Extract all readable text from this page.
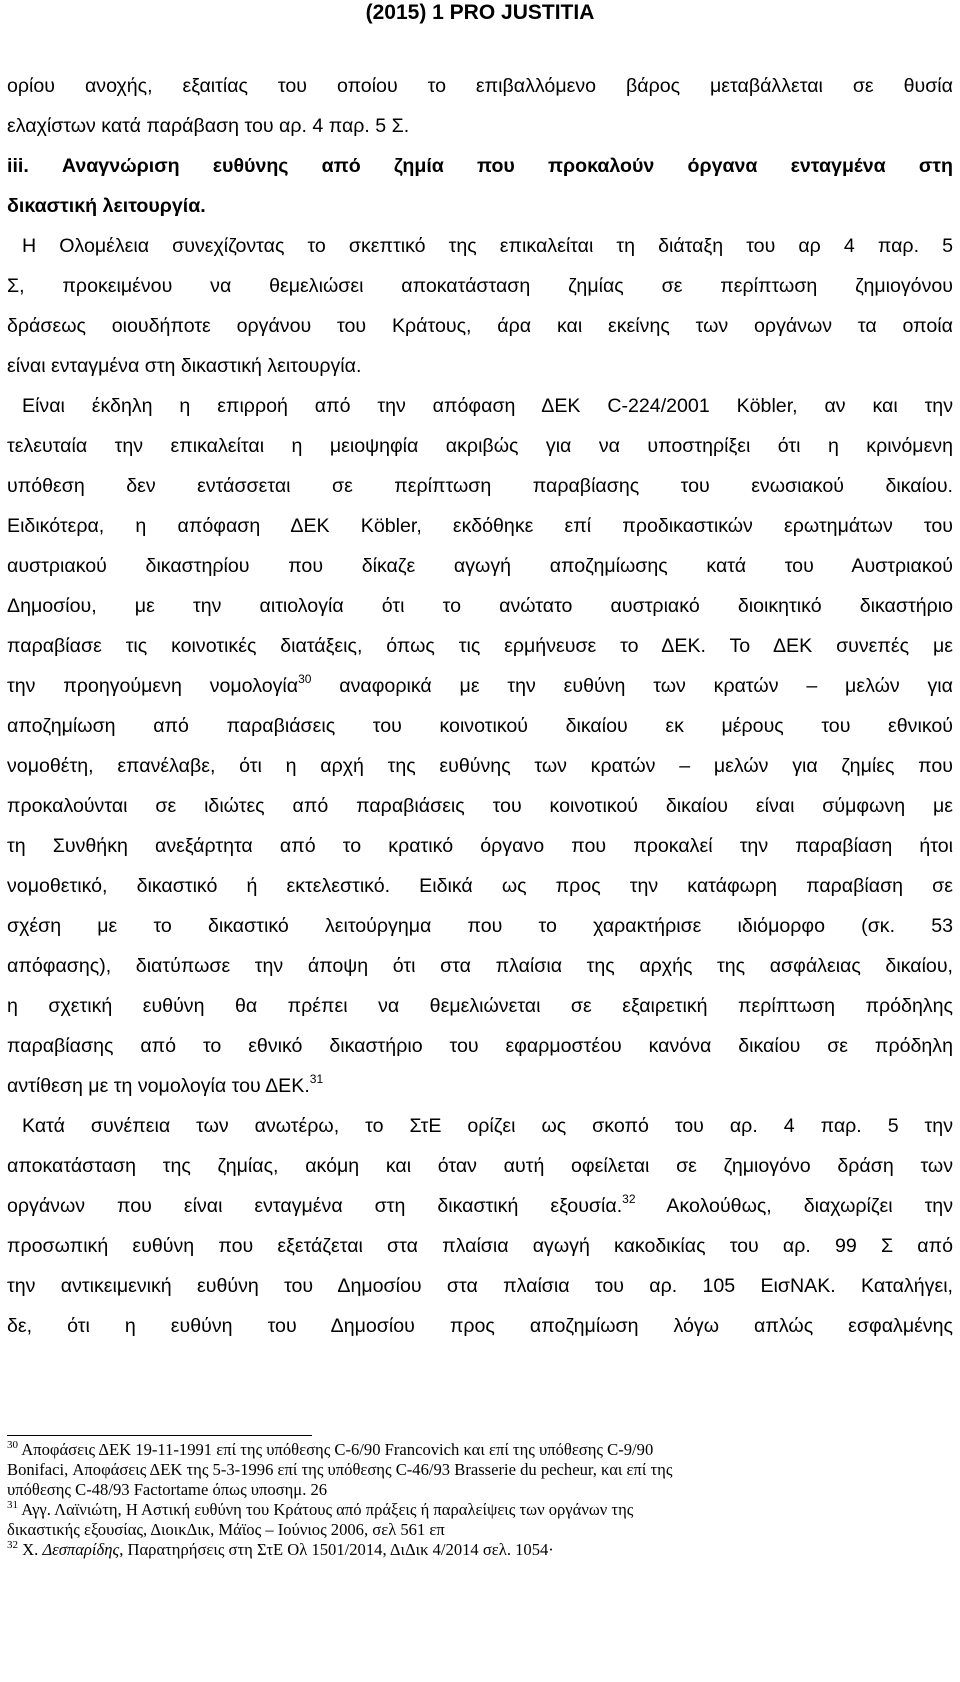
(2015) 1 PRO JUSTITIA
ορίου ανοχής, εξαιτίας του οποίου το επιβαλλόμενο βάρος μεταβάλλεται σε θυσία
ελαχίστων κατά παράβαση του αρ. 4 παρ. 5 Σ.
iii. Αναγνώριση ευθύνης από ζημία που προκαλούν όργανα ενταγμένα στη
δικαστική λειτουργία.
Η Ολομέλεια συνεχίζοντας το σκεπτικό της επικαλείται τη διάταξη του αρ 4 παρ. 5
Σ, προκειμένου να θεμελιώσει αποκατάσταση ζημίας σε περίπτωση ζημιογόνου
δράσεως οιουδήποτε οργάνου του Κράτους, άρα και εκείνης των οργάνων τα οποία
είναι ενταγμένα στη δικαστική λειτουργία.
Είναι έκδηλη η επιρροή από την απόφαση ΔΕΚ C-224/2001 Köbler, αν και την
τελευταία την επικαλείται η μειοψηφία ακριβώς για να υποστηρίξει ότι η κρινόμενη
υπόθεση δεν εντάσσεται σε περίπτωση παραβίασης του ενωσιακού δικαίου.
Ειδικότερα, η απόφαση ΔΕΚ Köbler, εκδόθηκε επί προδικαστικών ερωτημάτων του
αυστριακού δικαστηρίου που δίκαζε αγωγή αποζημίωσης κατά του Αυστριακού
Δημοσίου, με την αιτιολογία ότι το ανώτατο αυστριακό διοικητικό δικαστήριο
παραβίασε τις κοινοτικές διατάξεις, όπως τις ερμήνευσε το ΔΕΚ. Το ΔΕΚ συνεπές με
την προηγούμενη νομολογία$^{30}$ αναφορικά με την ευθύνη των κρατών – μελών για
αποζημίωση από παραβιάσεις του κοινοτικού δικαίου εκ μέρους του εθνικού
νομοθέτη, επανέλαβε, ότι η αρχή της ευθύνης των κρατών – μελών για ζημίες που
προκαλούνται σε ιδιώτες από παραβιάσεις του κοινοτικού δικαίου είναι σύμφωνη με
τη Συνθήκη ανεξάρτητα από το κρατικό όργανο που προκαλεί την παραβίαση ήτοι
νομοθετικό, δικαστικό ή εκτελεστικό. Ειδικά ως προς την κατάφωρη παραβίαση σε
σχέση με το δικαστικό λειτούργημα που το χαρακτήρισε ιδιόμορφο (σκ. 53
απόφασης), διατύπωσε την άποψη ότι στα πλαίσια της αρχής της ασφάλειας δικαίου,
η σχετική ευθύνη θα πρέπει να θεμελιώνεται σε εξαιρετική περίπτωση πρόδηλης
παραβίασης από το εθνικό δικαστήριο του εφαρμοστέου κανόνα δικαίου σε πρόδηλη
αντίθεση με τη νομολογία του ΔΕΚ.$^{31}$
Κατά συνέπεια των ανωτέρω, το ΣτΕ ορίζει ως σκοπό του αρ. 4 παρ. 5 την
αποκατάσταση της ζημίας, ακόμη και όταν αυτή οφείλεται σε ζημιογόνο δράση των
οργάνων που είναι ενταγμένα στη δικαστική εξουσία.$^{32}$ Ακολούθως, διαχωρίζει την
προσωπική ευθύνη που εξετάζεται στα πλαίσια αγωγή κακοδικίας του αρ. 99 Σ από
την αντικειμενική ευθύνη του Δημοσίου στα πλαίσια του αρ. 105 ΕισΝΑΚ. Καταλήγει,
δε, ότι η ευθύνη του Δημοσίου προς αποζημίωση λόγω απλώς εσφαλμένης
$^{30}$ Αποφάσεις ΔΕΚ 19-11-1991 επί της υπόθεσης C-6/90 Francovich και επί της υπόθεσης C-9/90
Bonifaci, Αποφάσεις ΔΕΚ της 5-3-1996 επί της υπόθεσης C-46/93 Brasserie du pecheur, και επί της
υπόθεσης C-48/93 Factortame όπως υποσημ. 26
$^{31}$ Αγγ. Λαϊνιώτη, Η Αστική ευθύνη του Κράτους από πράξεις ή παραλείψεις των οργάνων της
δικαστικής εξουσίας, ΔιοικΔικ, Μάϊος – Ιούνιος 2006, σελ 561 επ
$^{32}$ Χ. Δεσπαρίδης, Παρατηρήσεις στη ΣτΕ Ολ 1501/2014, ΔιΔικ 4/2014 σελ. 1054·
